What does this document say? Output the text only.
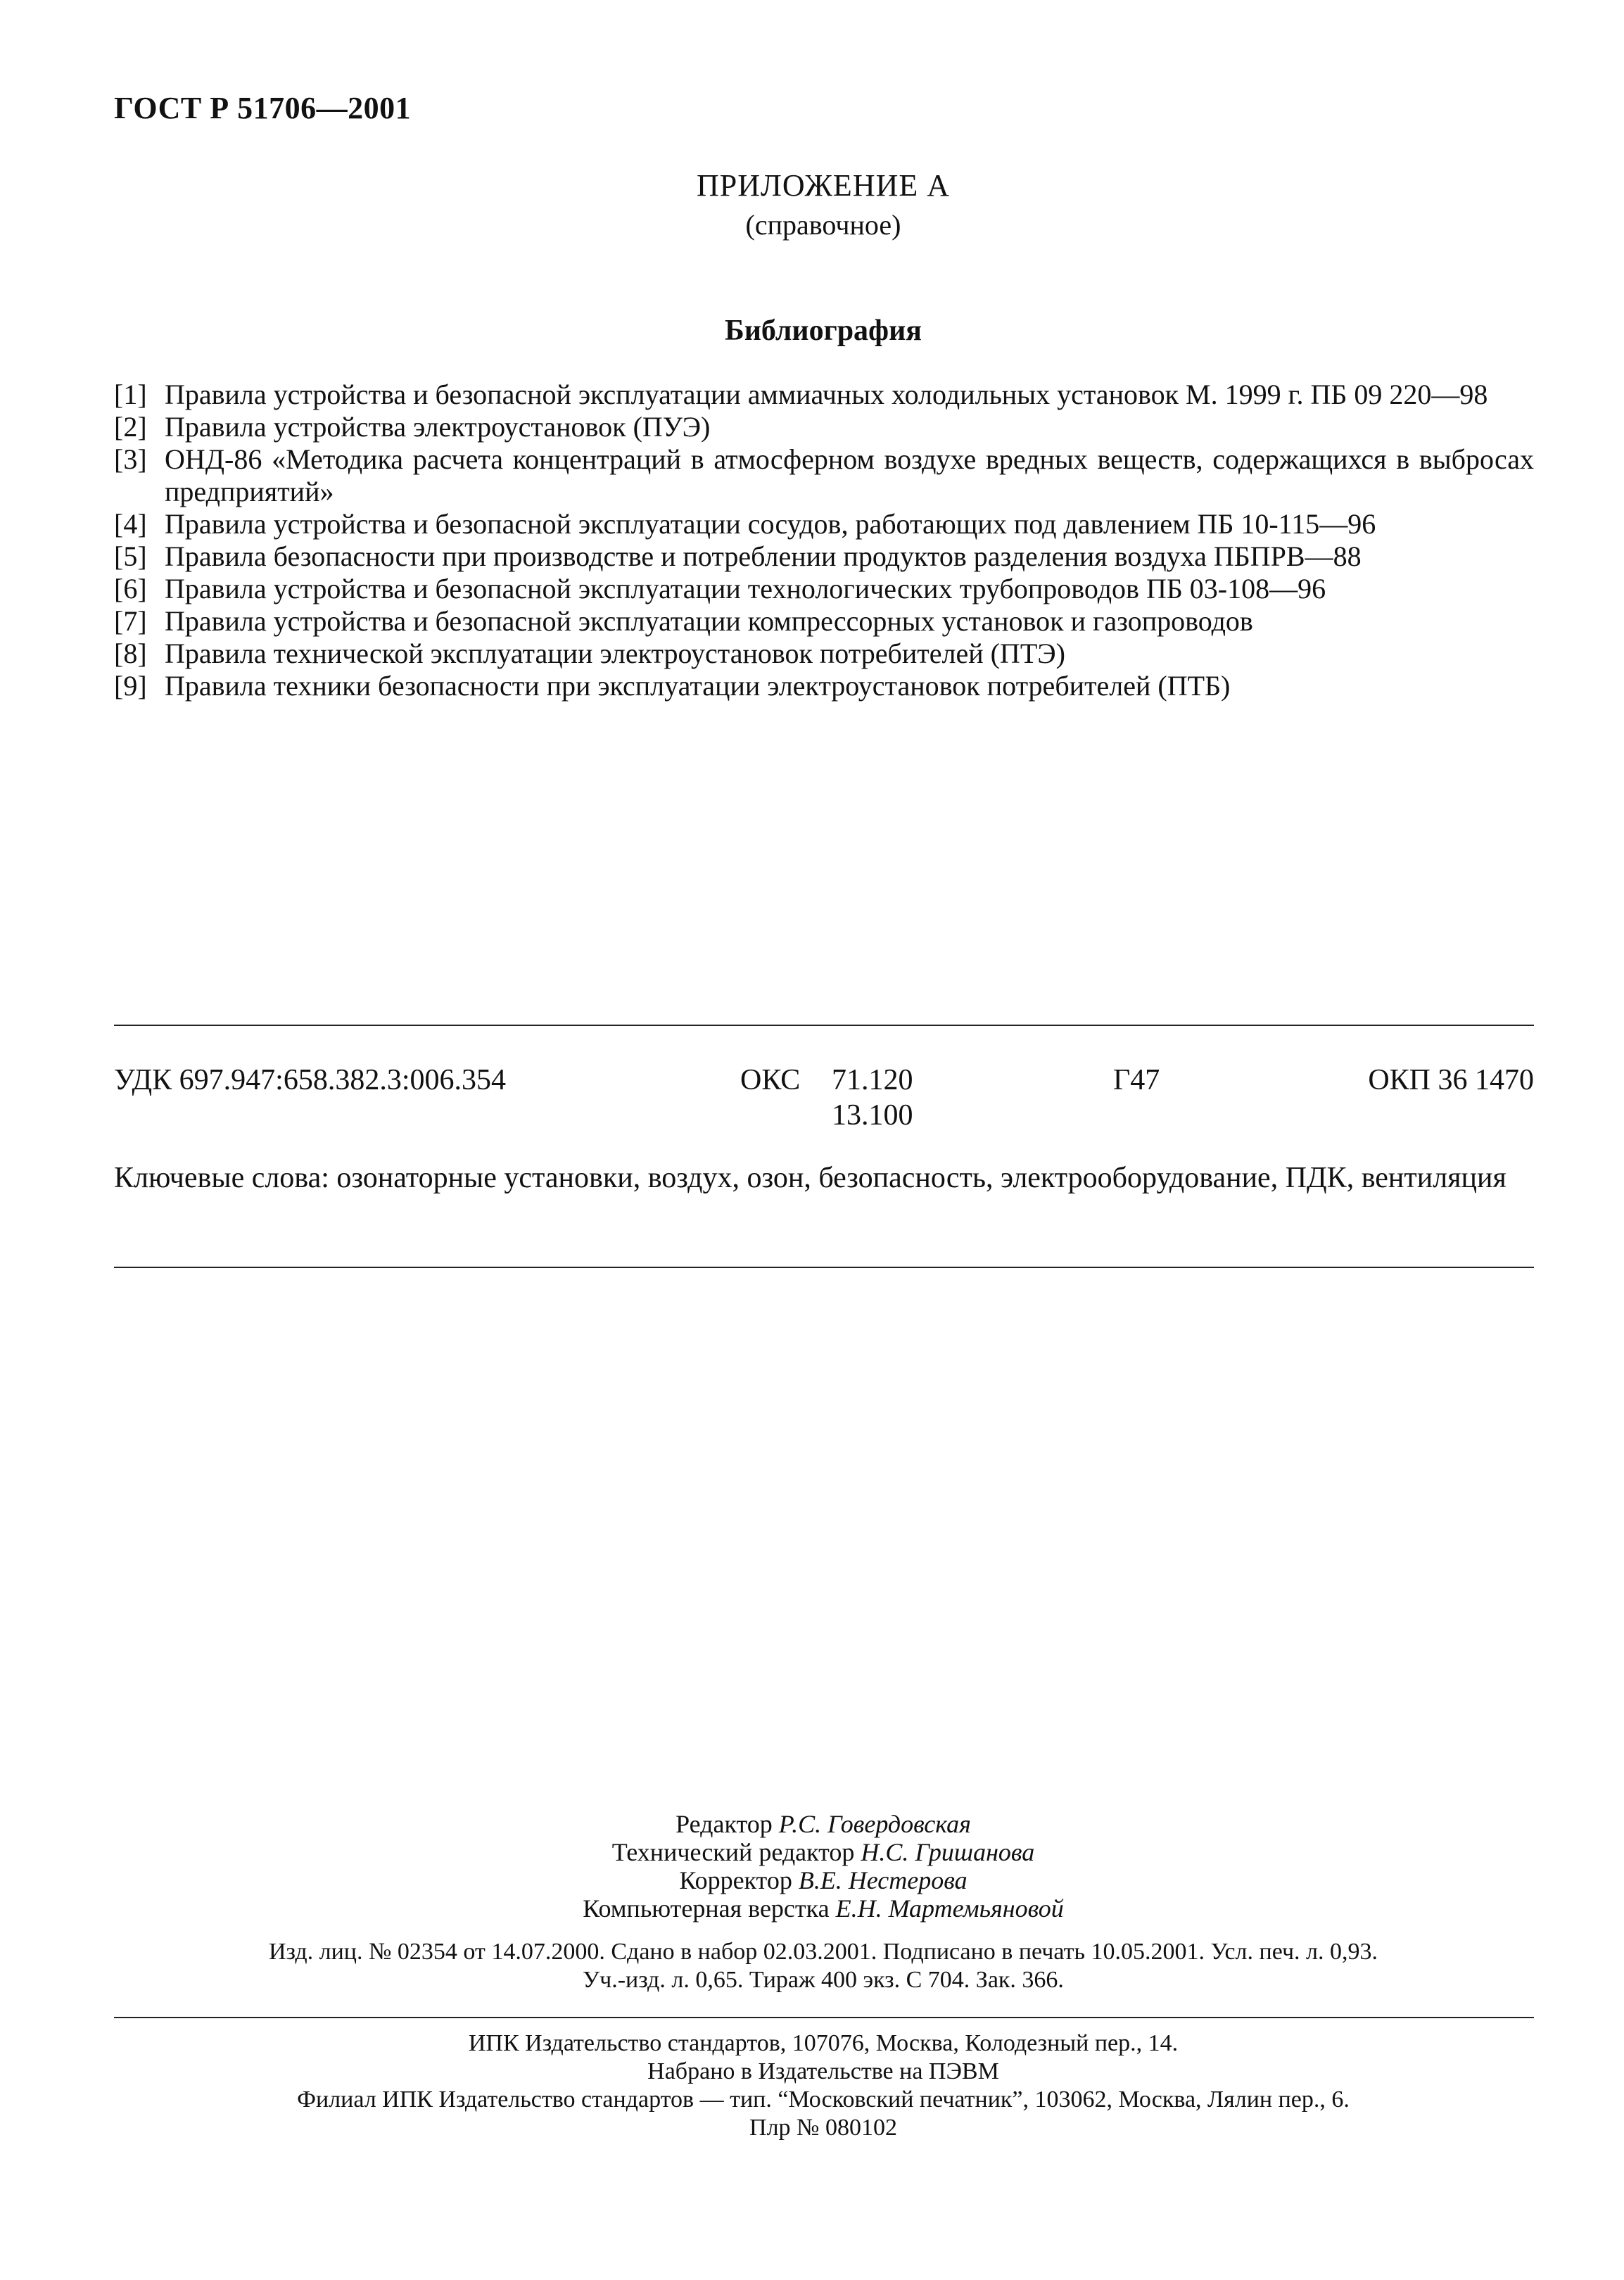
ГОСТ Р 51706—2001
ПРИЛОЖЕНИЕ А
(справочное)
Библиография
[1] Правила устройства и безопасной эксплуатации аммиачных холодильных установок М. 1999 г. ПБ 09 220—98
[2] Правила устройства электроустановок (ПУЭ)
[3] ОНД-86 «Методика расчета концентраций в атмосферном воздухе вредных веществ, содержащихся в выбросах предприятий»
[4] Правила устройства и безопасной эксплуатации сосудов, работающих под давлением ПБ 10-115—96
[5] Правила безопасности при производстве и потреблении продуктов разделения воздуха ПБПРВ—88
[6] Правила устройства и безопасной эксплуатации технологических трубопроводов ПБ 03-108—96
[7] Правила устройства и безопасной эксплуатации компрессорных установок и газопроводов
[8] Правила технической эксплуатации электроустановок потребителей (ПТЭ)
[9] Правила техники безопасности при эксплуатации электроустановок потребителей (ПТБ)
УДК 697.947:658.382.3:006.354	ОКС 71.120
13.100
Г47	ОКП 36 1470
Ключевые слова: озонаторные установки, воздух, озон, безопасность, электрооборудование, ПДК, вентиляция
Редактор Р.С. Говердовская
Технический редактор Н.С. Гришанова
Корректор В.Е. Нестерова
Компьютерная верстка Е.Н. Мартемьяновой
Изд. лиц. № 02354 от 14.07.2000. Сдано в набор 02.03.2001. Подписано в печать 10.05.2001. Усл. печ. л. 0,93.
Уч.-изд. л. 0,65. Тираж 400 экз. С 704. Зак. 366.
ИПК Издательство стандартов, 107076, Москва, Колодезный пер., 14.
Набрано в Издательстве на ПЭВМ
Филиал ИПК Издательство стандартов — тип. “Московский печатник”, 103062, Москва, Лялин пер., 6.
Плр № 080102
